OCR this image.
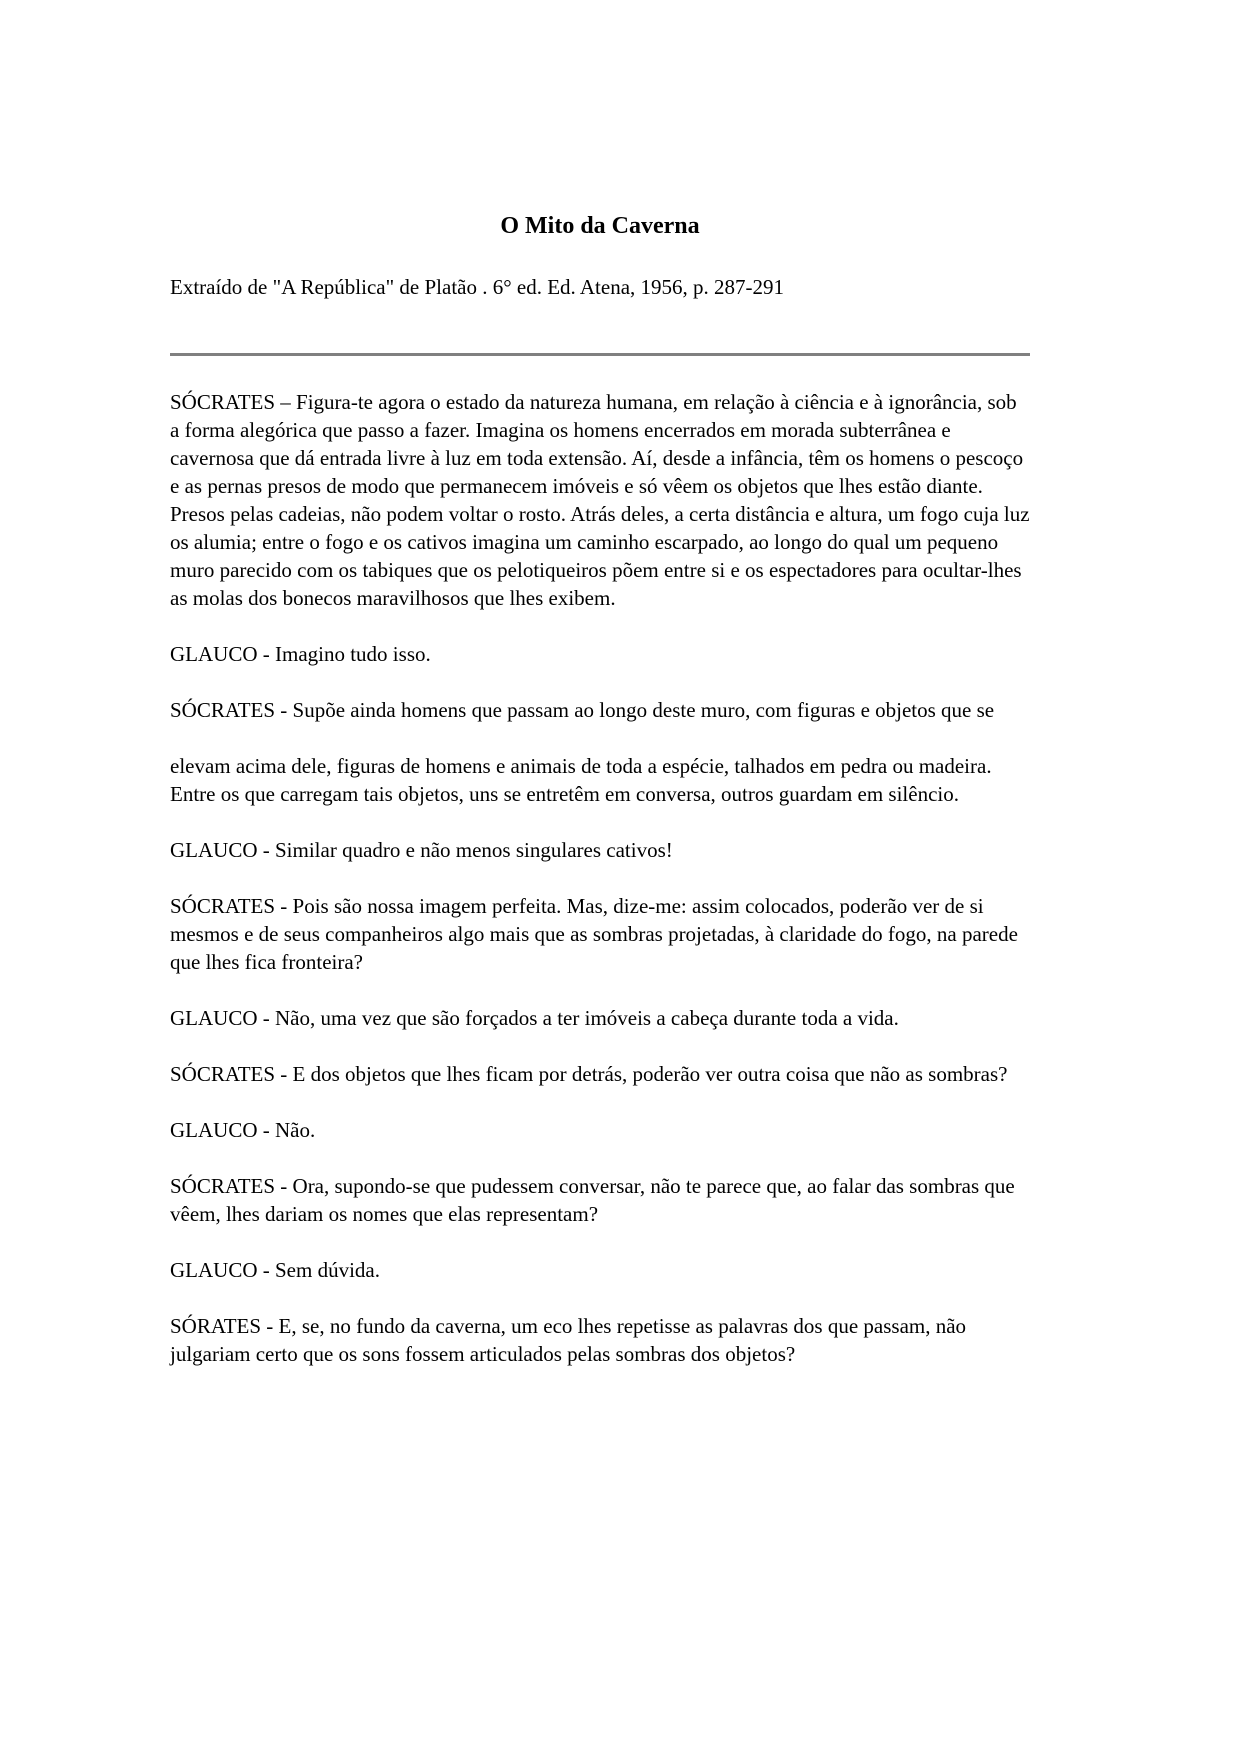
O Mito da Caverna

Extraído de "A República" de Platão . 6° ed. Ed. Atena, 1956, p. 287-291

SÓCRATES – Figura-te agora o estado da natureza humana, em relação à ciência e à ignorância, sob a forma alegórica que passo a fazer. Imagina os homens encerrados em morada subterrânea e cavernosa que dá entrada livre à luz em toda extensão. Aí, desde a infância, têm os homens o pescoço e as pernas presos de modo que permanecem imóveis e só vêem os objetos que lhes estão diante. Presos pelas cadeias, não podem voltar o rosto. Atrás deles, a certa distância e altura, um fogo cuja luz os alumia; entre o fogo e os cativos imagina um caminho escarpado, ao longo do qual um pequeno muro parecido com os tabiques que os pelotiqueiros põem entre si e os espectadores para ocultar-lhes as molas dos bonecos maravilhosos que lhes exibem.

GLAUCO - Imagino tudo isso.

SÓCRATES - Supõe ainda homens que passam ao longo deste muro, com figuras e objetos que se

elevam acima dele, figuras de homens e animais de toda a espécie, talhados em pedra ou madeira. Entre os que carregam tais objetos, uns se entretêm em conversa, outros guardam em silêncio.

GLAUCO - Similar quadro e não menos singulares cativos!

SÓCRATES - Pois são nossa imagem perfeita. Mas, dize-me: assim colocados, poderão ver de si mesmos e de seus companheiros algo mais que as sombras projetadas, à claridade do fogo, na parede que lhes fica fronteira?

GLAUCO - Não, uma vez que são forçados a ter imóveis a cabeça durante toda a vida.

SÓCRATES - E dos objetos que lhes ficam por detrás, poderão ver outra coisa que não as sombras?

GLAUCO - Não.

SÓCRATES - Ora, supondo-se que pudessem conversar, não te parece que, ao falar das sombras que vêem, lhes dariam os nomes que elas representam?

GLAUCO - Sem dúvida.

SÓRATES - E, se, no fundo da caverna, um eco lhes repetisse as palavras dos que passam, não julgariam certo que os sons fossem articulados pelas sombras dos objetos?
